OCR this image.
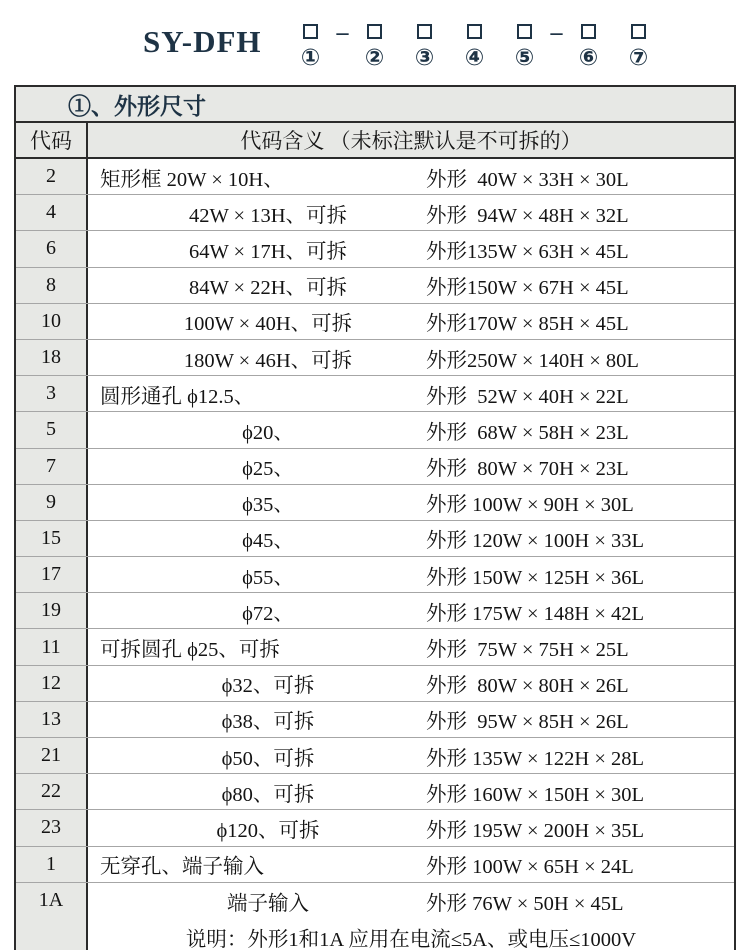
SY-DFH ①
–
② ③ ④ ⑤
–
⑥ ⑦
①、外形尺寸
代码	代码含义 （未标注默认是不可拆的）
2	矩形框 20W × 10H、	外形  40W × 33H × 30L
4	42W × 13H、可拆	外形  94W × 48H × 32L
6	64W × 17H、可拆	外形135W × 63H × 45L
8	84W × 22H、可拆	外形150W × 67H × 45L
10	100W × 40H、可拆	外形170W × 85H × 45L
18	180W × 46H、可拆	外形250W × 140H × 80L
3	圆形通孔 ϕ12.5、	外形  52W × 40H × 22L
5	ϕ20、	外形  68W × 58H × 23L
7	ϕ25、	外形  80W × 70H × 23L
9	ϕ35、	外形 100W × 90H × 30L
15	ϕ45、	外形 120W × 100H × 33L
17	ϕ55、	外形 150W × 125H × 36L
19	ϕ72、	外形 175W × 148H × 42L
11	可拆圆孔 ϕ25、可拆	外形  75W × 75H × 25L
12	ϕ32、可拆	外形  80W × 80H × 26L
13	ϕ38、可拆	外形  95W × 85H × 26L
21	ϕ50、可拆	外形 135W × 122H × 28L
22	ϕ80、可拆	外形 160W × 150H × 30L
23	ϕ120、可拆	外形 195W × 200H × 35L
1	无穿孔、端子输入	外形 100W × 65H × 24L
1A	端子输入	外形 76W × 50H × 45L
说明：外形1和1A 应用在电流≤5A、或电压≤1000V
